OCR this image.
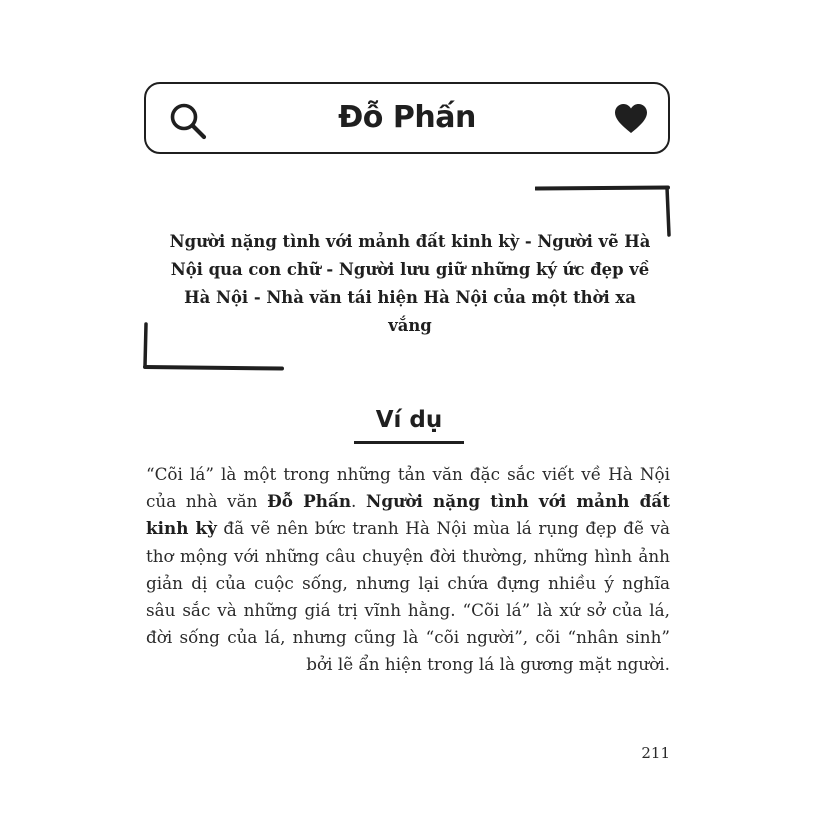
Đỗ Phấn
Người nặng tình với mảnh đất kinh kỳ - Người vẽ Hà Nội qua con chữ - Người lưu giữ những ký ức đẹp về Hà Nội - Nhà văn tái hiện Hà Nội của một thời xa vắng
Ví dụ
“Cõi lá” là một trong những tản văn đặc sắc viết về Hà Nội của nhà văn Đỗ Phấn. Người nặng tình với mảnh đất kinh kỳ đã vẽ nên bức tranh Hà Nội mùa lá rụng đẹp đẽ và thơ mộng với những câu chuyện đời thường, những hình ảnh giản dị của cuộc sống, nhưng lại chứa đựng nhiều ý nghĩa sâu sắc và những giá trị vĩnh hằng. “Cõi lá” là xứ sở của lá, đời sống của lá, nhưng cũng là “cõi người”, cõi “nhân sinh” bởi lẽ ẩn hiện trong lá là gương mặt người.
211
